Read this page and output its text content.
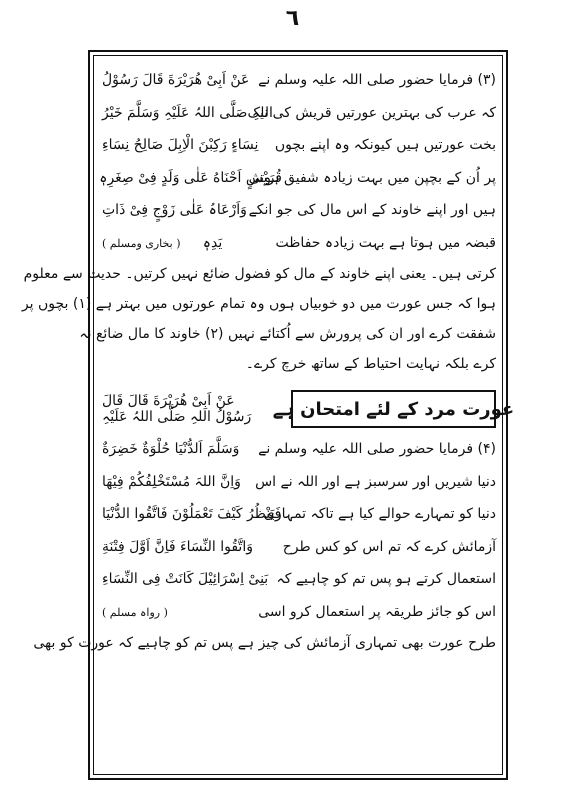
٦
(۳) فرمایا حضور صلی اللہ علیہ وسلم نے
عَنْ اَبِیْ هُرَیْرَةَ قَالَ رَسُوْلُ
کہ عرب کی بہترین عورتیں قریش کی نیک
اللہِ صَلَّی اللہُ عَلَیْہِ وَسَلَّمَ خَیْرُ
بخت عورتیں ہیں کیونکہ وہ اپنے بچوں
نِسَاءٍ رَکِبْنَ الْاِبِلَ صَالِحُ نِسَاءِ
پر اُن کے بچپن میں بہت زیادہ شفیق ہوتی
قُرَیْشٍ اَحْنَاهُ عَلٰی وَلَدٍ فِیْ صِغَرِہٖ
ہیں اور اپنے خاوند کے اس مال کی جو انکے
وَاَرْعَاہُ عَلٰی زَوْجٍ فِیْ ذَاتِ
قبضہ میں ہوتا ہے بہت زیادہ حفاظت
یَدِہٖ     ( بخاری ومسلم )
کرتی ہیں۔ یعنی اپنے خاوند کے مال کو فضول ضائع نہیں کرتیں۔ حدیث سے معلوم
ہوا کہ جس عورت میں دو خوبیاں ہوں وہ تمام عورتوں میں بہتر ہے (۱) بچوں پر
شفقت کرے اور ان کی پرورش سے اُکتائے نہیں (۲) خاوند کا مال ضائع نہ
کرے بلکہ نہایت احتیاط کے ساتھ خرچ کرے۔
عورت مرد کے لئے امتحان ہے
عَنْ اَبِیْ هُرَیْرَةَ قَالَ قَالَ
رَسُوْلُ اللہِ صَلَّی اللہُ عَلَیْہِ
(۴) فرمایا حضور صلی اللہ علیہ وسلم نے
وَسَلَّمَ اَلدُّنْیَا حُلْوَةٌ خَضِرَةٌ
دنیا شیریں اور سرسبز ہے اور اللہ نے اس
وَاِنَّ اللہَ مُسْتَخْلِفُکُمْ فِیْهَا
دنیا کو تمہارے حوالے کیا ہے تاکہ تمہاری
فَیَنْظُرُ کَیْفَ تَعْمَلُوْنَ فَاتَّقُوا الدُّنْیَا
آزمائش کرے کہ تم اس کو کس طرح
وَاتَّقُوا النِّسَاءَ فَاِنَّ اَوَّلَ فِتْنَةِ
استعمال کرتے ہو پس تم کو چاہیے کہ
بَنِیْ اِسْرَائِیْلَ کَانَتْ فِی النِّسَاءِ
اس کو جائز طریقہ پر استعمال کرو اسی
( رواہ مسلم )
طرح عورت بھی تمہاری آزمائش کی چیز ہے پس تم کو چاہیے کہ عورت کو بھی
